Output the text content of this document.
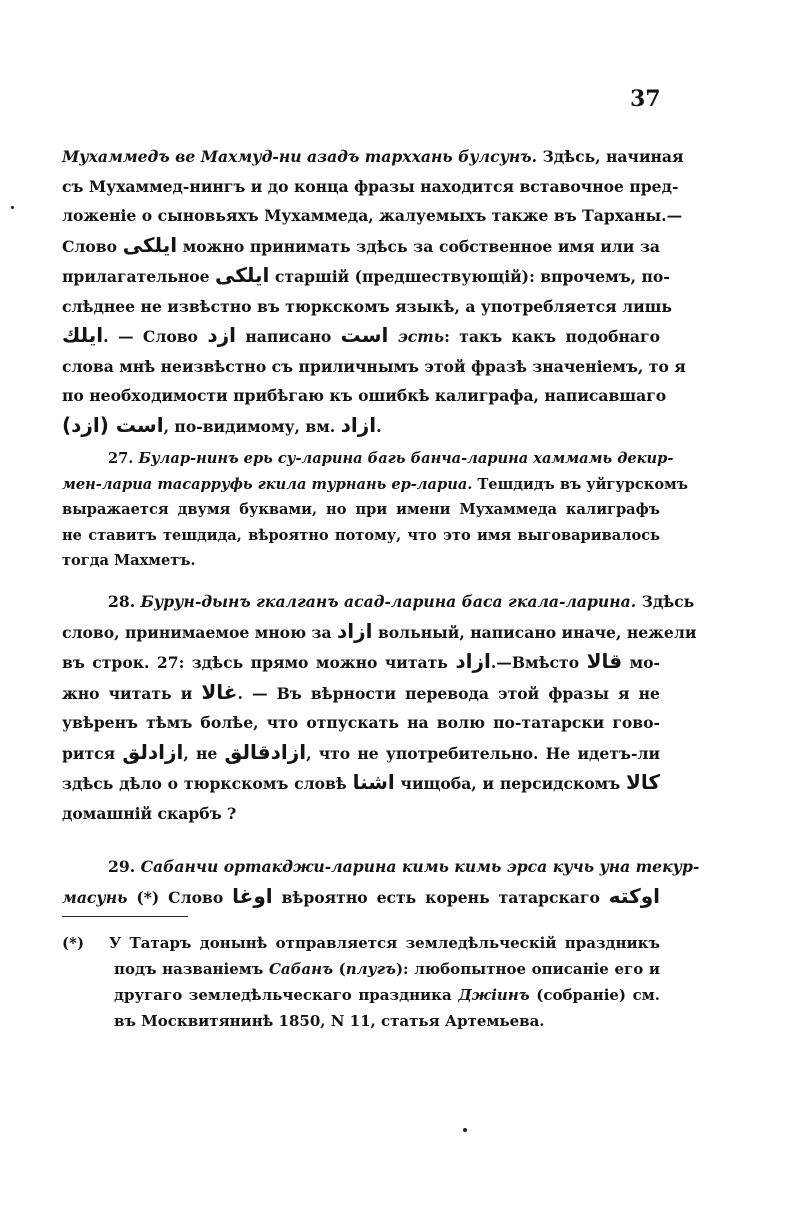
37
Мухаммедъ ве Махмуд-ни азадъ тарххань булсунъ. Здѣсь, начиная
съ Мухаммед-нингъ и до конца фразы находится вставочное пред-
ложеніе о сыновьяхъ Мухаммеда, жалуемыхъ также въ Тарханы.—
Слово ایلکی можно принимать здѣсь за собственное имя или за
прилагательное ایلکی старшій (предшествующій): впрочемъ, по-
слѣднее не извѣстно въ тюркскомъ языкѣ, а употребляется лишь
ایلك. — Слово ازد написано است эсть: такъ какъ подобнаго
слова мнѣ неизвѣстно съ приличнымъ этой фразѣ значеніемъ, то я
по необходимости прибѣгаю къ ошибкѣ калиграфа, написавшаго
است (ازد), по-видимому, вм. ازاد.
27. Булар-нинъ ерь су-ларина багь банча-ларина хаммамь декир-
мен-лариа тасарруфь гкила турнань ер-лариа. Тешдидъ въ уйгурскомъ
выражается двумя буквами, но при имени Мухаммеда калиграфъ
не ставитъ тешдида, вѣроятно потому, что это имя выговаривалось
тогда Махметъ.
28. Бурун-дынъ гкалганъ асад-ларина баса гкала-ларина. Здѣсь
слово, принимаемое мною за ازاد вольный, написано иначе, нежели
въ строк. 27: здѣсь прямо можно читать ازاد.—Вмѣсто قالا мо-
жно читать и غالا. — Въ вѣрности перевода этой фразы я не
увѣренъ тѣмъ болѣе, что отпускать на волю по-татарски гово-
рится ازادلق, не ازادقالق, что не употребительно. Не идетъ-ли
здѣсь дѣло о тюркскомъ словѣ اشنا чищоба, и персидскомъ کالا
домашній скарбъ ?
29. Сабанчи ортакджи-ларина кимь кимь эрса кучь уна текур-
масунь (*) Слово اوغا вѣроятно есть корень татарскаго اوكته
(*) У Татаръ донынѣ отправляется земледѣльческій праздникъ
подъ названіемъ Сабанъ (плугъ): любопытное описаніе его и
другаго земледѣльческаго праздника Джіинъ (собраніе) см.
въ Москвитянинѣ 1850, N 11, статья Артемьева.
